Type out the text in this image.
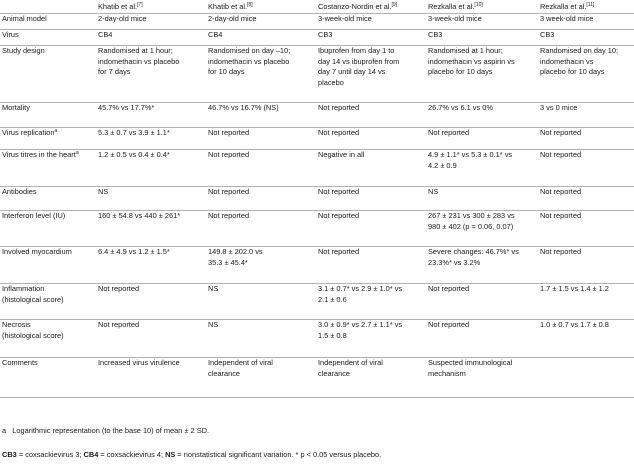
	Khatib et al.[7]	Khatib et al.[8]	Costanzo-Nordin et al.[9]	Rezkalla et al.[10]	Rezkalla et al.[11]
Animal model	2-day-old mice	2-day-old mice	3-week-old mice	3-week-old mice	3 week-old mice
Virus	CB4	CB4	CB3	CB3	CB3
Study design	Randomised at 1 hour;
indomethacin vs placebo
for 7 days	Randomised on day –10;
indomethacin vs placebo
for 10 days	Ibuprofen from day 1 to
day 14 vs ibuprofen from
day 7 until day 14 vs
placebo	Randomised at 1 hour;
indomethacin vs aspirin vs
placebo for 10 days	Randomised on day 10;
indomethacin vs
placebo for 10 days
Mortality	45.7% vs 17.7%*	46.7% vs 16.7% (NS)	Not reported	26.7% vs 6.1 vs 0%	3 vs 0 mice
Virus replication$^a$	5.3 ± 0.7 vs 3.9 ± 1.1*	Not reported	Not reported	Not reported	Not reported
Virus titres in the heart$^a$	1.2 ± 0.5 vs 0.4 ± 0.4*	Not reported	Negative in all	4.9 ± 1.1* vs 5.3 ± 0.1* vs
4.2 ± 0.9	Not reported
Antibodies	NS	Not reported	Not reported	NS	Not reported
Interferon level (IU)	160 ± 54.8 vs 440 ± 261*	Not reported	Not reported	267 ± 231 vs 300 ± 283 vs
980 ± 402 (p = 0.06, 0.07)	Not reported
Involved myocardium	6.4 ± 4.9 vs 1.2 ± 1.5*	149.8 ± 202.0 vs
35.3 ± 45.4*	Not reported	Severe changes: 46.7%* vs
23.3%* vs 3.2%	Not reported
Inflammation
(histological score)	Not reported	NS	3.1 ± 0.7* vs 2.9 ± 1.0* vs
2.1 ± 0.6	Not reported	1.7 ± 1.5 vs 1.4 ± 1.2
Necrosis
(histological score)	Not reported	NS	3.0 ± 0.9* vs 2.7 ± 1.1* vs
1.5 ± 0.8	Not reported	1.0 ± 0.7 vs 1.7 ± 0.8
Comments	Increased virus virulence	Independent of viral
clearance	Independent of viral
clearance	Suspected immunological
mechanism	
a Logarithmic representation (to the base 10) of mean ± 2 SD.
CB3 = coxsackievirus 3; CB4 = coxsackievirus 4; NS = nonstatistical significant variation. * p < 0.05 versus placebo.
